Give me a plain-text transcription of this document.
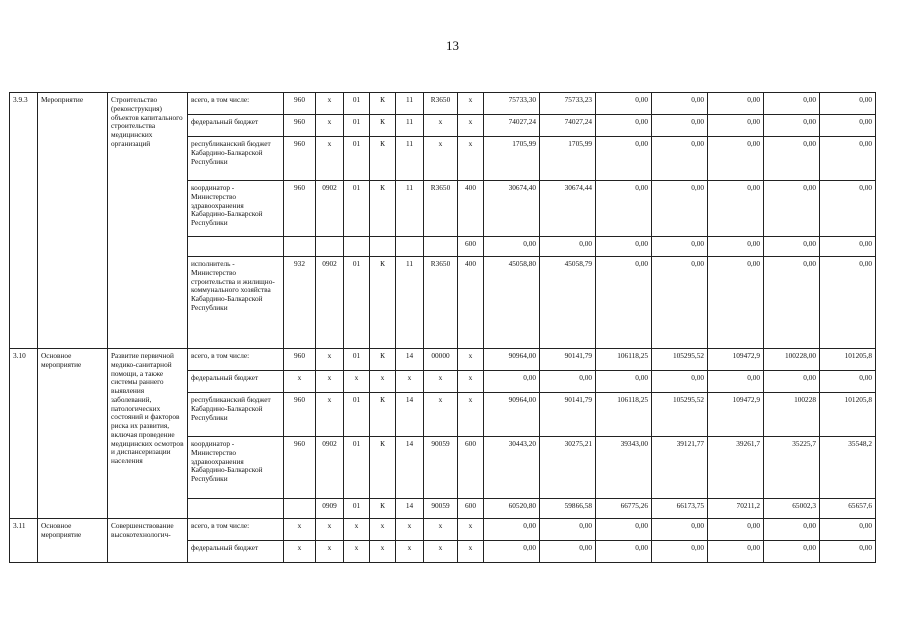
13
3.9.3	Мероприятие	Строительство (реконструкция) объектов капитального строительства медицинских организаций	всего, в том числе:	960	x	01	К	11	R3650	x	75733,30	75733,23	0,00	0,00	0,00	0,00	0,00
			федеральный бюджет	960	x	01	К	11	x	x	74027,24	74027,24	0,00	0,00	0,00	0,00	0,00
			республиканский бюджет Кабардино-Балкарской Республики	960	x	01	К	11	x	x	1705,99	1705,99	0,00	0,00	0,00	0,00	0,00
			координатор - Министерство здравоохранения Кабардино-Балкарской Республики	960	0902	01	К	11	R3650	400	30674,40	30674,44	0,00	0,00	0,00	0,00	0,00
										600	0,00	0,00	0,00	0,00	0,00	0,00	0,00
			исполнитель - Министерство строительства и жилищно-коммунального хозяйства Кабардино-Балкарской Республики	932	0902	01	К	11	R3650	400	45058,80	45058,79	0,00	0,00	0,00	0,00	0,00
3.10	Основное мероприятие	Развитие первичной медико-санитарной помощи, а также системы раннего выявления заболеваний, патологических состояний и факторов риска их развития, включая проведение медицинских осмотров и диспансеризации населения	всего, в том числе:	960	x	01	К	14	00000	x	90964,00	90141,79	106118,25	105295,52	109472,9	100228,00	101205,8
			федеральный бюджет	x	x	x	x	x	x	x	0,00	0,00	0,00	0,00	0,00	0,00	0,00
			республиканский бюджет Кабардино-Балкарской Республики	960	x	01	К	14	x	x	90964,00	90141,79	106118,25	105295,52	109472,9	100228	101205,8
			координатор - Министерство здравоохранения Кабардино-Балкарской Республики	960	0902	01	К	14	90059	600	30443,20	30275,21	39343,00	39121,77	39261,7	35225,7	35548,2
					0909	01	К	14	90059	600	60520,80	59866,58	66775,26	66173,75	70211,2	65002,3	65657,6
3.11	Основное мероприятие	Совершенствование высокотехнологич-	всего, в том числе:	x	x	x	x	x	x	x	0,00	0,00	0,00	0,00	0,00	0,00	0,00
			федеральный бюджет	x	x	x	x	x	x	x	0,00	0,00	0,00	0,00	0,00	0,00	0,00
